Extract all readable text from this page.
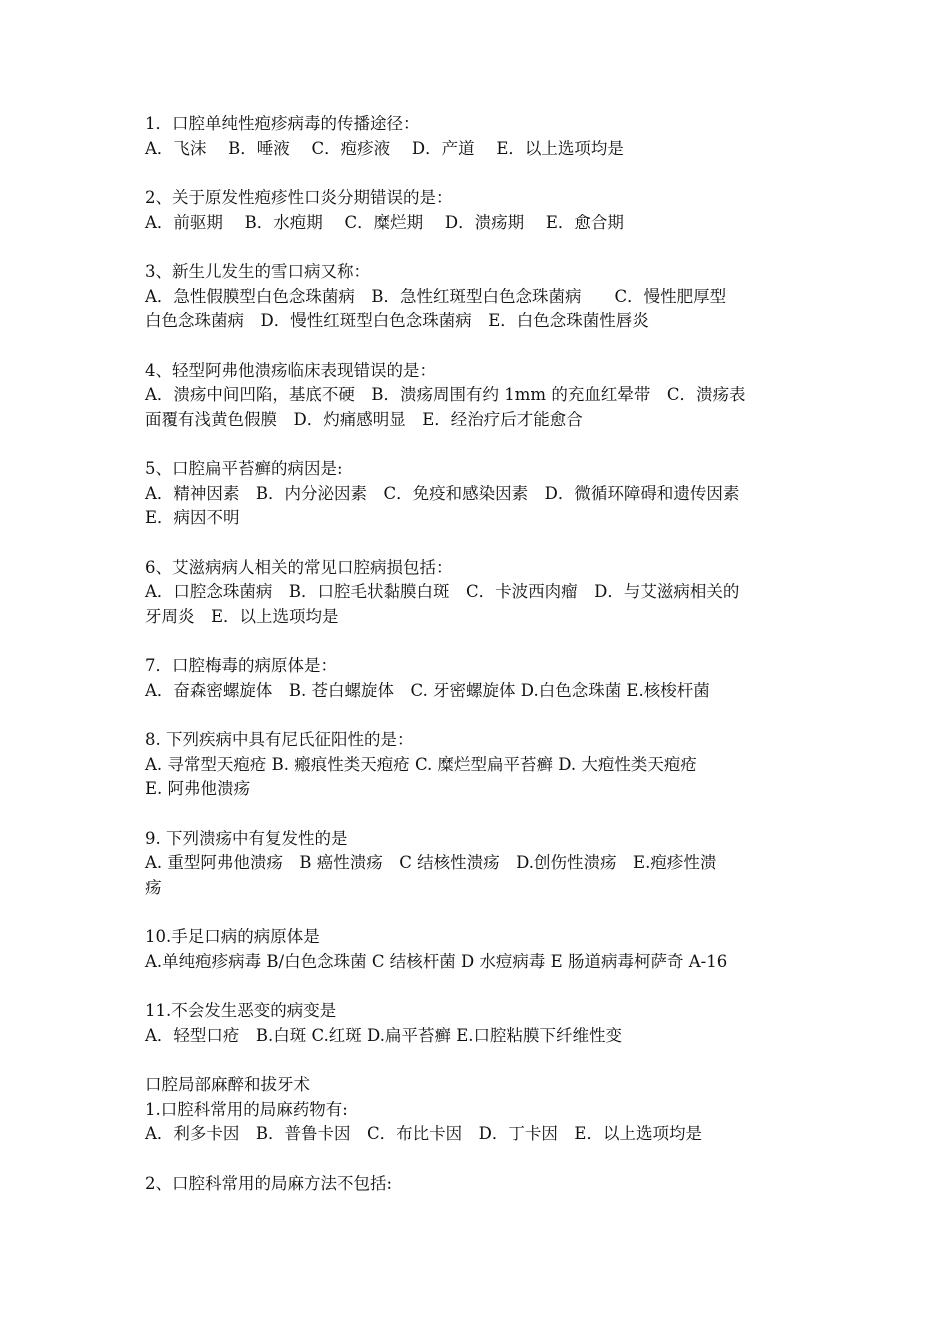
1．口腔单纯性疱疹病毒的传播途径：
A．飞沫　 B．唾液　 C．疱疹液　 D．产道　 E．以上选项均是
2、关于原发性疱疹性口炎分期错误的是：
A．前驱期　 B．水疱期　 C．糜烂期　 D．溃疡期　 E．愈合期
3、新生儿发生的雪口病又称：
A．急性假膜型白色念珠菌病　B．急性红斑型白色念珠菌病　　C．慢性肥厚型
白色念珠菌病　D．慢性红斑型白色念珠菌病　E．白色念珠菌性唇炎
4、轻型阿弗他溃疡临床表现错误的是：
A．溃疡中间凹陷，基底不硬　B．溃疡周围有约 1mm 的充血红晕带　C．溃疡表
面覆有浅黄色假膜　D．灼痛感明显　E．经治疗后才能愈合
5、口腔扁平苔癣的病因是:
A．精神因素　B．内分泌因素　C．免疫和感染因素　D．微循环障碍和遗传因素
E．病因不明
6、艾滋病病人相关的常见口腔病损包括：
A．口腔念珠菌病　B．口腔毛状黏膜白斑　C．卡波西肉瘤　D．与艾滋病相关的
牙周炎　E．以上选项均是
7．口腔梅毒的病原体是：
A．奋森密螺旋体　B. 苍白螺旋体　C. 牙密螺旋体 D.白色念珠菌 E.核梭杆菌
8. 下列疾病中具有尼氏征阳性的是：
A. 寻常型天疱疮 B. 瘢痕性类天疱疮 C. 糜烂型扁平苔癣 D. 大疱性类天疱疮
E. 阿弗他溃疡
9. 下列溃疡中有复发性的是
A. 重型阿弗他溃疡　B 癌性溃疡　C 结核性溃疡　D.创伤性溃疡　E.疱疹性溃
疡
10.手足口病的病原体是
A.单纯疱疹病毒 B/白色念珠菌 C 结核杆菌 D 水痘病毒 E 肠道病毒柯萨奇 A-16
11.不会发生恶变的病变是
A．轻型口疮　B.白斑 C.红斑 D.扁平苔癣 E.口腔粘膜下纤维性变
口腔局部麻醉和拔牙术
1.口腔科常用的局麻药物有:
A．利多卡因　B．普鲁卡因　C．布比卡因　D．丁卡因　E．以上选项均是
2、口腔科常用的局麻方法不包括:
